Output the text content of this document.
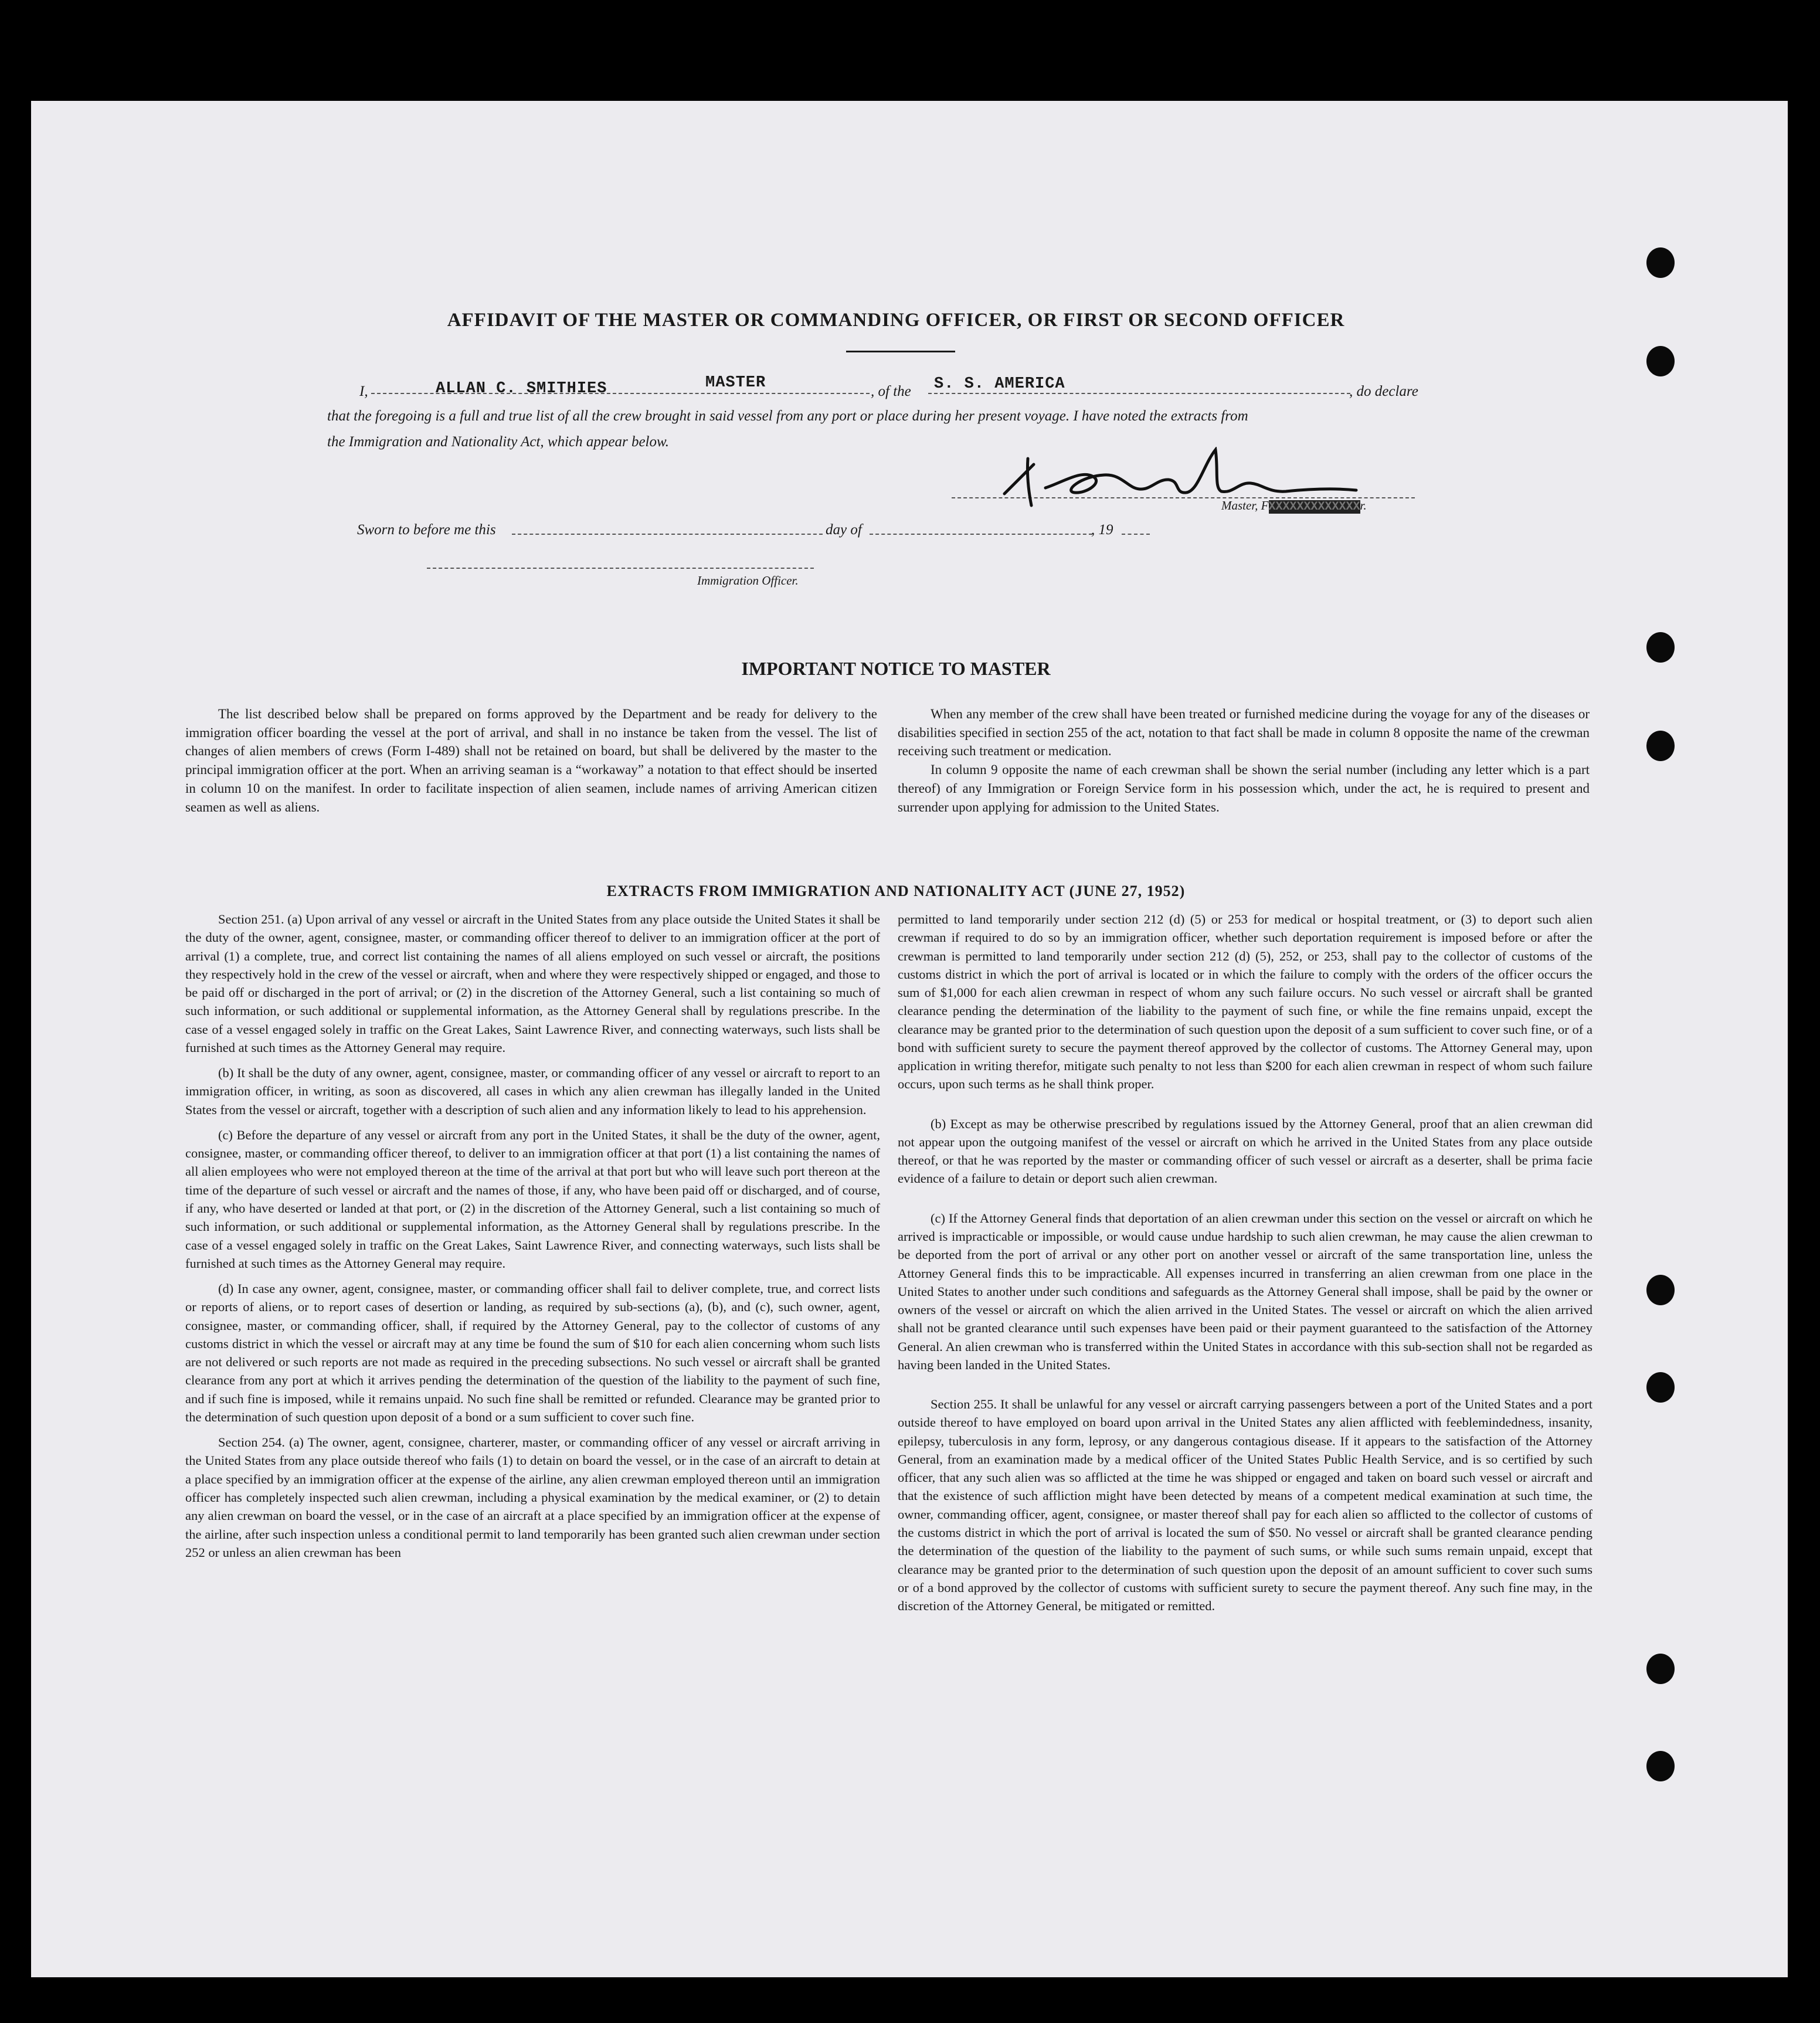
AFFIDAVIT OF THE MASTER OR COMMANDING OFFICER, OR FIRST OR SECOND OFFICER
I,	ALLAN C. SMITHIES	MASTER	, of the S. S. AMERICA	, do declare
that the foregoing is a full and true list of all the crew brought in said vessel from any port or place during her present voyage. I have noted the extracts from
the Immigration and Nationality Act, which appear below.
Master, FXXXXXXXXXXXXXr.
Sworn to before me this	day of	, 19
Immigration Officer.
IMPORTANT NOTICE TO MASTER

The list described below shall be prepared on forms approved by the Department and be ready for delivery to the immigration officer boarding the vessel at the port of arrival, and shall in no instance be taken from the vessel. The list of changes of alien members of crews (Form I-489) shall not be retained on board, but shall be delivered by the master to the principal immigration officer at the port. When an arriving seaman is a “workaway” a notation to that effect should be inserted in column 10 on the manifest. In order to facilitate inspection of alien seamen, include names of arriving American citizen seamen as well as aliens.

When any member of the crew shall have been treated or furnished medicine during the voyage for any of the diseases or disabilities specified in section 255 of the act, notation to that fact shall be made in column 8 opposite the name of the crewman receiving such treatment or medication.

In column 9 opposite the name of each crewman shall be shown the serial number (including any letter which is a part thereof) of any Immigration or Foreign Service form in his possession which, under the act, he is required to present and surrender upon applying for admission to the United States.

EXTRACTS FROM IMMIGRATION AND NATIONALITY ACT (JUNE 27, 1952)

Section 251. (a) Upon arrival of any vessel or aircraft in the United States from any place outside the United States it shall be the duty of the owner, agent, consignee, master, or commanding officer thereof to deliver to an immigration officer at the port of arrival (1) a complete, true, and correct list containing the names of all aliens employed on such vessel or aircraft, the positions they respectively hold in the crew of the vessel or aircraft, when and where they were respectively shipped or engaged, and those to be paid off or discharged in the port of arrival; or (2) in the discretion of the Attorney General, such a list containing so much of such information, or such additional or supplemental information, as the Attorney General shall by regulations prescribe. In the case of a vessel engaged solely in traffic on the Great Lakes, Saint Lawrence River, and connecting waterways, such lists shall be furnished at such times as the Attorney General may require.

(b) It shall be the duty of any owner, agent, consignee, master, or commanding officer of any vessel or aircraft to report to an immigration officer, in writing, as soon as discovered, all cases in which any alien crewman has illegally landed in the United States from the vessel or aircraft, together with a description of such alien and any information likely to lead to his apprehension.

(c) Before the departure of any vessel or aircraft from any port in the United States, it shall be the duty of the owner, agent, consignee, master, or commanding officer thereof, to deliver to an immigration officer at that port (1) a list containing the names of all alien employees who were not employed thereon at the time of the arrival at that port but who will leave such port thereon at the time of the departure of such vessel or aircraft and the names of those, if any, who have been paid off or discharged, and of course, if any, who have deserted or landed at that port, or (2) in the discretion of the Attorney General, such a list containing so much of such information, or such additional or supplemental information, as the Attorney General shall by regulations prescribe. In the case of a vessel engaged solely in traffic on the Great Lakes, Saint Lawrence River, and connecting waterways, such lists shall be furnished at such times as the Attorney General may require.

(d) In case any owner, agent, consignee, master, or commanding officer shall fail to deliver complete, true, and correct lists or reports of aliens, or to report cases of desertion or landing, as required by sub-sections (a), (b), and (c), such owner, agent, consignee, master, or commanding officer, shall, if required by the Attorney General, pay to the collector of customs of any customs district in which the vessel or aircraft may at any time be found the sum of $10 for each alien concerning whom such lists are not delivered or such reports are not made as required in the preceding subsections. No such vessel or aircraft shall be granted clearance from any port at which it arrives pending the determination of the question of the liability to the payment of such fine, and if such fine is imposed, while it remains unpaid. No such fine shall be remitted or refunded. Clearance may be granted prior to the determination of such question upon deposit of a bond or a sum sufficient to cover such fine.

Section 254. (a) The owner, agent, consignee, charterer, master, or commanding officer of any vessel or aircraft arriving in the United States from any place outside thereof who fails (1) to detain on board the vessel, or in the case of an aircraft to detain at a place specified by an immigration officer at the expense of the airline, any alien crewman employed thereon until an immigration officer has completely inspected such alien crewman, including a physical examination by the medical examiner, or (2) to detain any alien crewman on board the vessel, or in the case of an aircraft at a place specified by an immigration officer at the expense of the airline, after such inspection unless a conditional permit to land temporarily has been granted such alien crewman under section 252 or unless an alien crewman has been

permitted to land temporarily under section 212 (d) (5) or 253 for medical or hospital treatment, or (3) to deport such alien crewman if required to do so by an immigration officer, whether such deportation requirement is imposed before or after the crewman is permitted to land temporarily under section 212 (d) (5), 252, or 253, shall pay to the collector of customs of the customs district in which the port of arrival is located or in which the failure to comply with the orders of the officer occurs the sum of $1,000 for each alien crewman in respect of whom any such failure occurs. No such vessel or aircraft shall be granted clearance pending the determination of the liability to the payment of such fine, or while the fine remains unpaid, except the clearance may be granted prior to the determination of such question upon the deposit of a sum sufficient to cover such fine, or of a bond with sufficient surety to secure the payment thereof approved by the collector of customs. The Attorney General may, upon application in writing therefor, mitigate such penalty to not less than $200 for each alien crewman in respect of whom such failure occurs, upon such terms as he shall think proper.

(b) Except as may be otherwise prescribed by regulations issued by the Attorney General, proof that an alien crewman did not appear upon the outgoing manifest of the vessel or aircraft on which he arrived in the United States from any place outside thereof, or that he was reported by the master or commanding officer of such vessel or aircraft as a deserter, shall be prima facie evidence of a failure to detain or deport such alien crewman.

(c) If the Attorney General finds that deportation of an alien crewman under this section on the vessel or aircraft on which he arrived is impracticable or impossible, or would cause undue hardship to such alien crewman, he may cause the alien crewman to be deported from the port of arrival or any other port on another vessel or aircraft of the same transportation line, unless the Attorney General finds this to be impracticable. All expenses incurred in transferring an alien crewman from one place in the United States to another under such conditions and safeguards as the Attorney General shall impose, shall be paid by the owner or owners of the vessel or aircraft on which the alien arrived in the United States. The vessel or aircraft on which the alien arrived shall not be granted clearance until such expenses have been paid or their payment guaranteed to the satisfaction of the Attorney General. An alien crewman who is transferred within the United States in accordance with this sub-section shall not be regarded as having been landed in the United States.

Section 255. It shall be unlawful for any vessel or aircraft carrying passengers between a port of the United States and a port outside thereof to have employed on board upon arrival in the United States any alien afflicted with feeblemindedness, insanity, epilepsy, tuberculosis in any form, leprosy, or any dangerous contagious disease. If it appears to the satisfaction of the Attorney General, from an examination made by a medical officer of the United States Public Health Service, and is so certified by such officer, that any such alien was so afflicted at the time he was shipped or engaged and taken on board such vessel or aircraft and that the existence of such affliction might have been detected by means of a competent medical examination at such time, the owner, commanding officer, agent, consignee, or master thereof shall pay for each alien so afflicted to the collector of customs of the customs district in which the port of arrival is located the sum of $50. No vessel or aircraft shall be granted clearance pending the determination of the question of the liability to the payment of such sums, or while such sums remain unpaid, except that clearance may be granted prior to the determination of such question upon the deposit of an amount sufficient to cover such sums or of a bond approved by the collector of customs with sufficient surety to secure the payment thereof. Any such fine may, in the discretion of the Attorney General, be mitigated or remitted.
